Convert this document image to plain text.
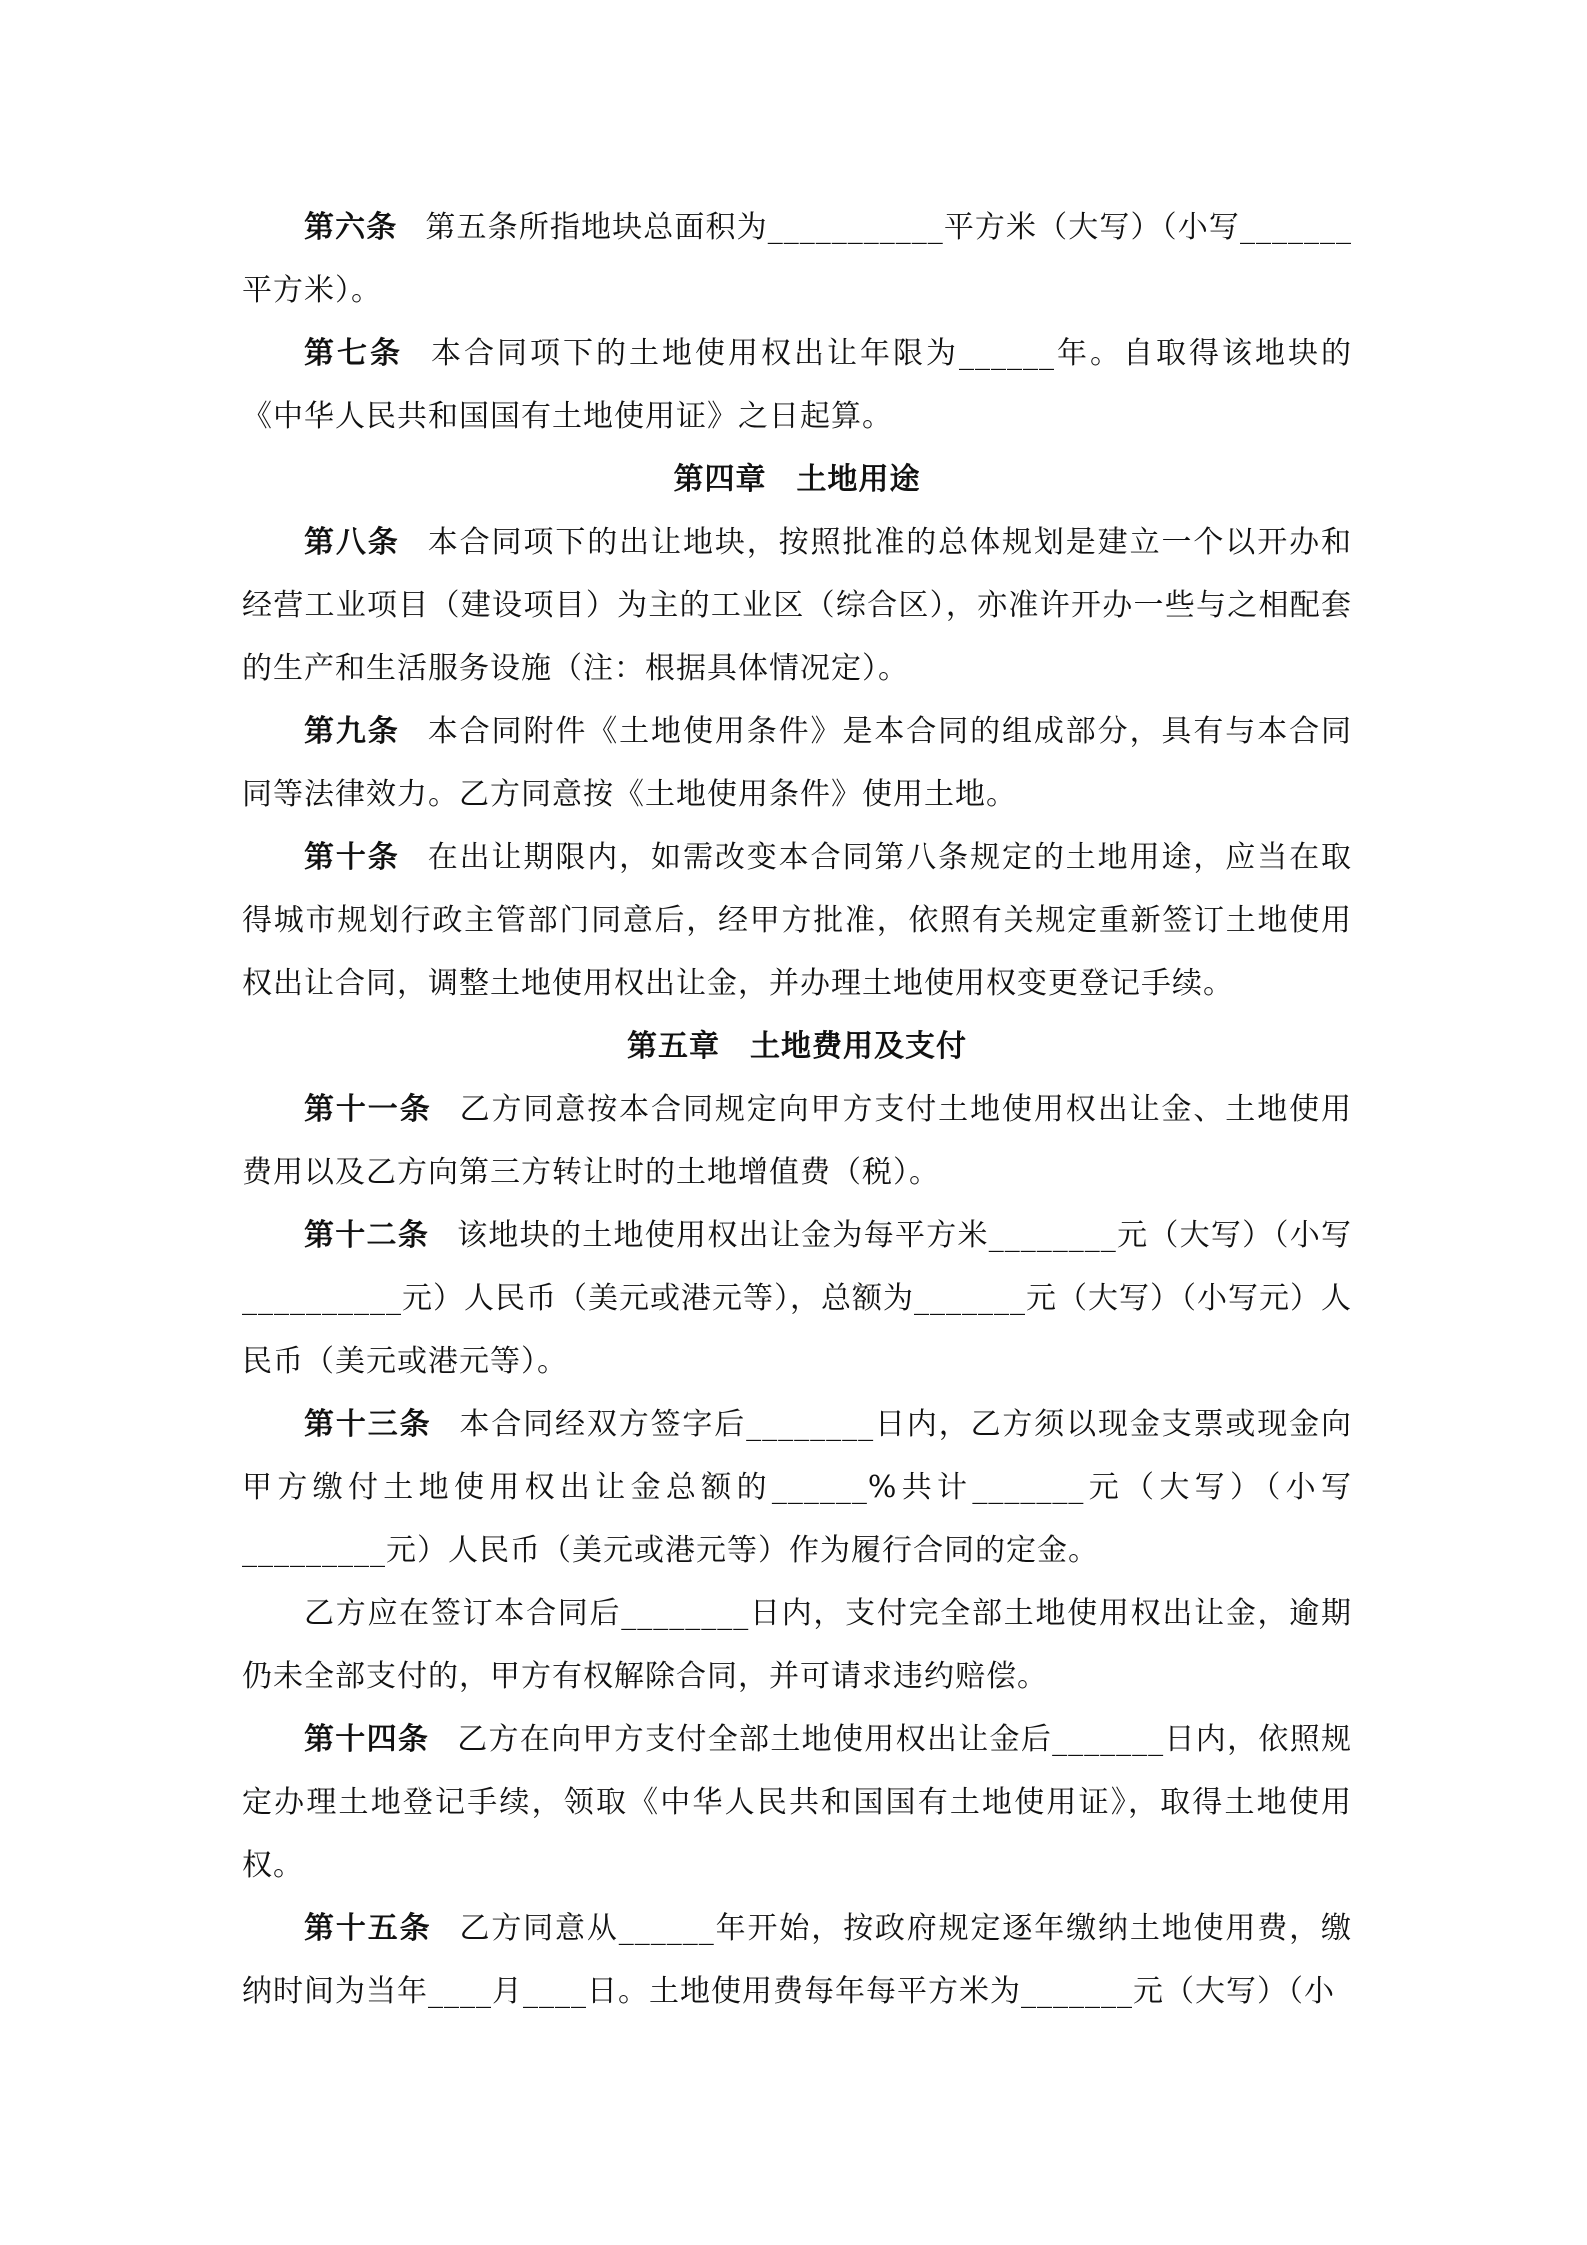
第六条 第五条所指地块总面积为___________平方米（大写）（小写_______平方米）。

第七条 本合同项下的土地使用权出让年限为______年。自取得该地块的《中华人民共和国国有土地使用证》之日起算。

第四章 土地用途

第八条 本合同项下的出让地块，按照批准的总体规划是建立一个以开办和经营工业项目（建设项目）为主的工业区（综合区），亦准许开办一些与之相配套的生产和生活服务设施（注：根据具体情况定）。

第九条 本合同附件《土地使用条件》是本合同的组成部分，具有与本合同同等法律效力。乙方同意按《土地使用条件》使用土地。

第十条 在出让期限内，如需改变本合同第八条规定的土地用途，应当在取得城市规划行政主管部门同意后，经甲方批准，依照有关规定重新签订土地使用权出让合同，调整土地使用权出让金，并办理土地使用权变更登记手续。

第五章 土地费用及支付

第十一条 乙方同意按本合同规定向甲方支付土地使用权出让金、土地使用费用以及乙方向第三方转让时的土地增值费（税）。

第十二条 该地块的土地使用权出让金为每平方米________元（大写）（小写__________元）人民币（美元或港元等），总额为_______元（大写）（小写元）人民币（美元或港元等）。

第十三条 本合同经双方签字后________日内，乙方须以现金支票或现金向甲方缴付土地使用权出让金总额的______%共计_______元（大写）（小写_________元）人民币（美元或港元等）作为履行合同的定金。

乙方应在签订本合同后________日内，支付完全部土地使用权出让金，逾期仍未全部支付的，甲方有权解除合同，并可请求违约赔偿。

第十四条 乙方在向甲方支付全部土地使用权出让金后_______日内，依照规定办理土地登记手续，领取《中华人民共和国国有土地使用证》，取得土地使用权。

第十五条 乙方同意从______年开始，按政府规定逐年缴纳土地使用费，缴纳时间为当年____月____日。土地使用费每年每平方米为_______元（大写）（小
